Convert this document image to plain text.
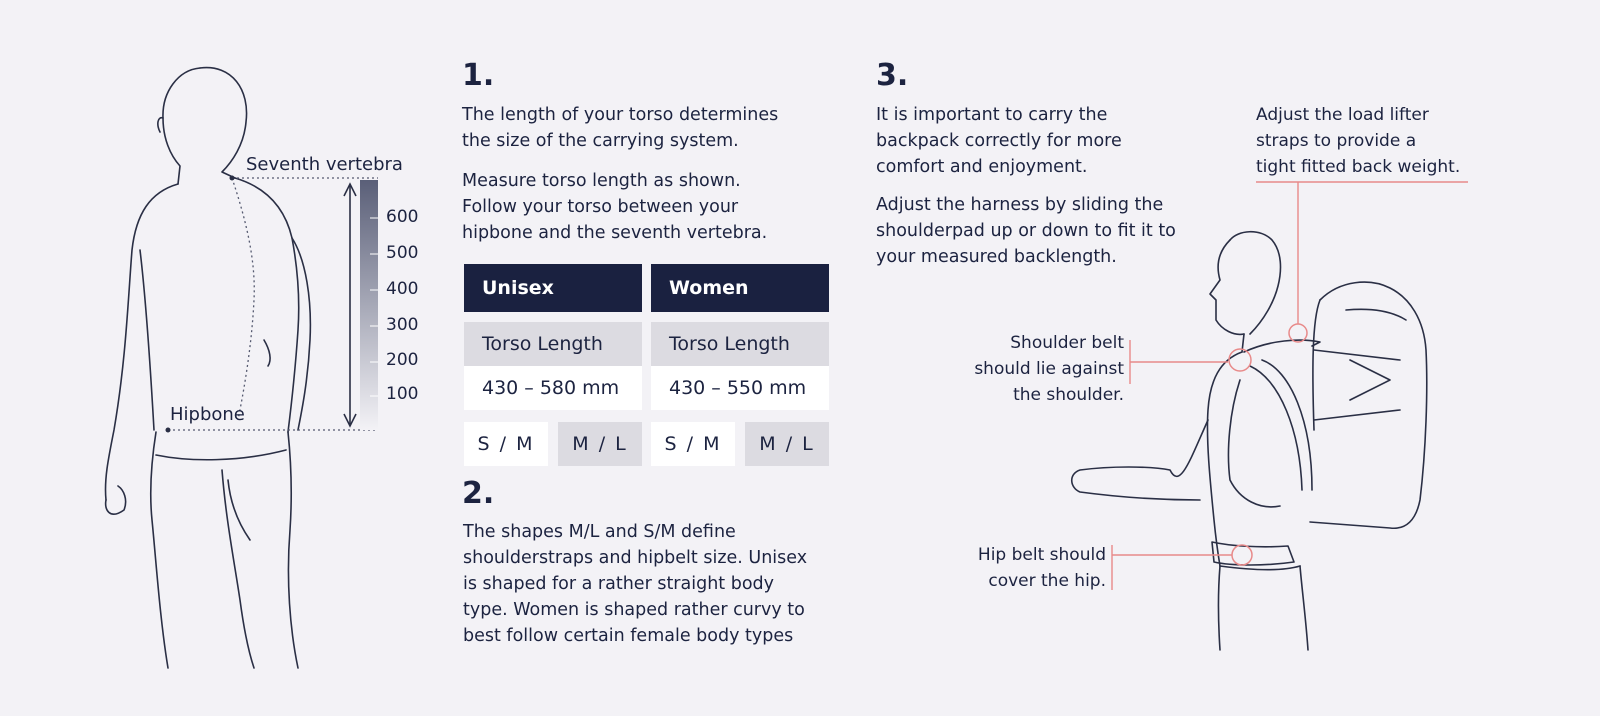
Seventh vertebra
Hipbone
600
500
400
300
200
100
1.

The length of your torso determines

the size of the carrying system.

Measure torso length as shown.

Follow your torso between your

hipbone and the seventh vertebra.

Unisex	Women
Torso Length	Torso Length
430 – 580 mm	430 – 550 mm
S / M	M / L	S / M	M / L
2.

The shapes M/L and S/M define

shoulderstraps and hipbelt size. Unisex

is shaped for a rather straight body

type. Women is shaped rather curvy to

best follow certain female body types

3.

It is important to carry the

backpack correctly for more

comfort and enjoyment.

Adjust the harness by sliding the

shoulderpad up or down to fit it to

your measured backlength.

Adjust the load lifter
straps to provide a
tight fitted back weight.
Shoulder belt
should lie against
the shoulder.
Hip belt should
cover the hip.
